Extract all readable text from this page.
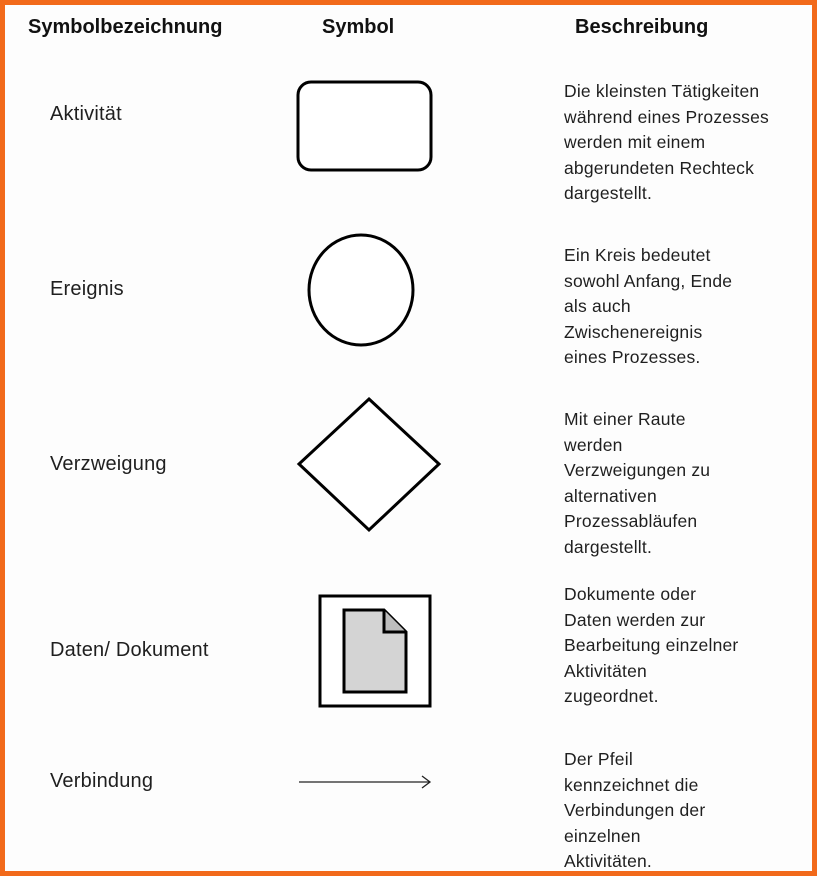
Symbolbezeichnung	Symbol	Beschreibung
Aktivität
Die kleinsten Tätigkeiten
während eines Prozesses
werden mit einem
abgerundeten Rechteck
dargestellt.
Ereignis
Ein Kreis bedeutet
sowohl Anfang, Ende
als auch
Zwischenereignis
eines Prozesses.
Verzweigung
Mit einer Raute
werden
Verzweigungen zu
alternativen
Prozessabläufen
dargestellt.
Daten/ Dokument
Dokumente oder
Daten werden zur
Bearbeitung einzelner
Aktivitäten
zugeordnet.
Verbindung
Der Pfeil
kennzeichnet die
Verbindungen der
einzelnen
Aktivitäten.
